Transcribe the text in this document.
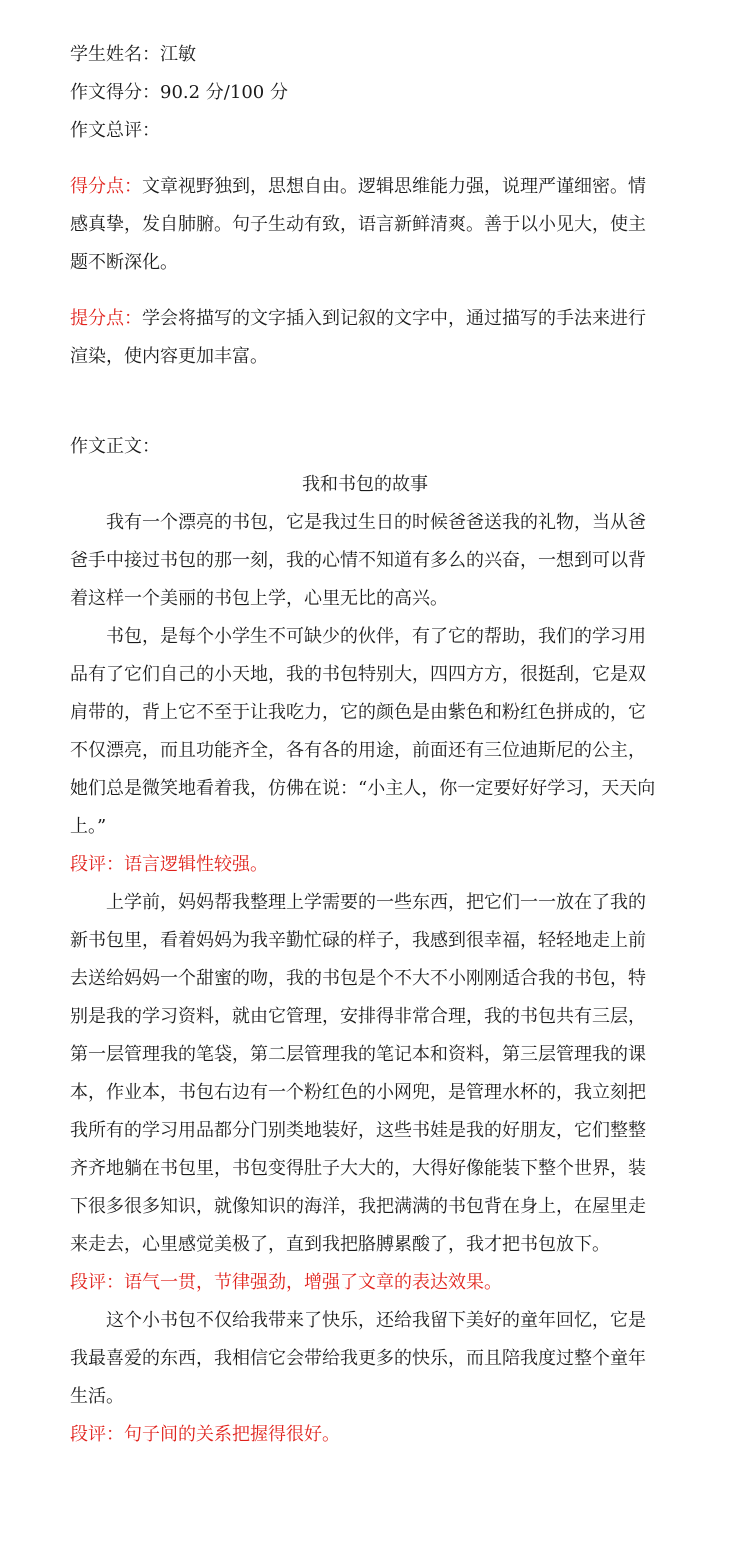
学生姓名：江敏
作文得分：90.2 分/100 分
作文总评：

得分点：文章视野独到，思想自由。逻辑思维能力强，说理严谨细密。情感真挚，发自肺腑。句子生动有致，语言新鲜清爽。善于以小见大，使主题不断深化。

提分点：学会将描写的文字插入到记叙的文字中，通过描写的手法来进行渲染，使内容更加丰富。

作文正文：
我和书包的故事

我有一个漂亮的书包，它是我过生日的时候爸爸送我的礼物，当从爸爸手中接过书包的那一刻，我的心情不知道有多么的兴奋，一想到可以背着这样一个美丽的书包上学，心里无比的高兴。

书包，是每个小学生不可缺少的伙伴，有了它的帮助，我们的学习用品有了它们自己的小天地，我的书包特别大，四四方方，很挺刮，它是双肩带的，背上它不至于让我吃力，它的颜色是由紫色和粉红色拼成的，它不仅漂亮，而且功能齐全，各有各的用途，前面还有三位迪斯尼的公主，她们总是微笑地看着我，仿佛在说：“小主人，你一定要好好学习，天天向上。”

段评：语言逻辑性较强。

上学前，妈妈帮我整理上学需要的一些东西，把它们一一放在了我的新书包里，看着妈妈为我辛勤忙碌的样子，我感到很幸福，轻轻地走上前去送给妈妈一个甜蜜的吻，我的书包是个不大不小刚刚适合我的书包，特别是我的学习资料，就由它管理，安排得非常合理，我的书包共有三层，第一层管理我的笔袋，第二层管理我的笔记本和资料，第三层管理我的课本，作业本，书包右边有一个粉红色的小网兜，是管理水杯的，我立刻把我所有的学习用品都分门别类地装好，这些书娃是我的好朋友，它们整整齐齐地躺在书包里，书包变得肚子大大的，大得好像能装下整个世界，装下很多很多知识，就像知识的海洋，我把满满的书包背在身上，在屋里走来走去，心里感觉美极了，直到我把胳膊累酸了，我才把书包放下。

段评：语气一贯，节律强劲，增强了文章的表达效果。

这个小书包不仅给我带来了快乐，还给我留下美好的童年回忆，它是我最喜爱的东西，我相信它会带给我更多的快乐，而且陪我度过整个童年生活。

段评：句子间的关系把握得很好。
